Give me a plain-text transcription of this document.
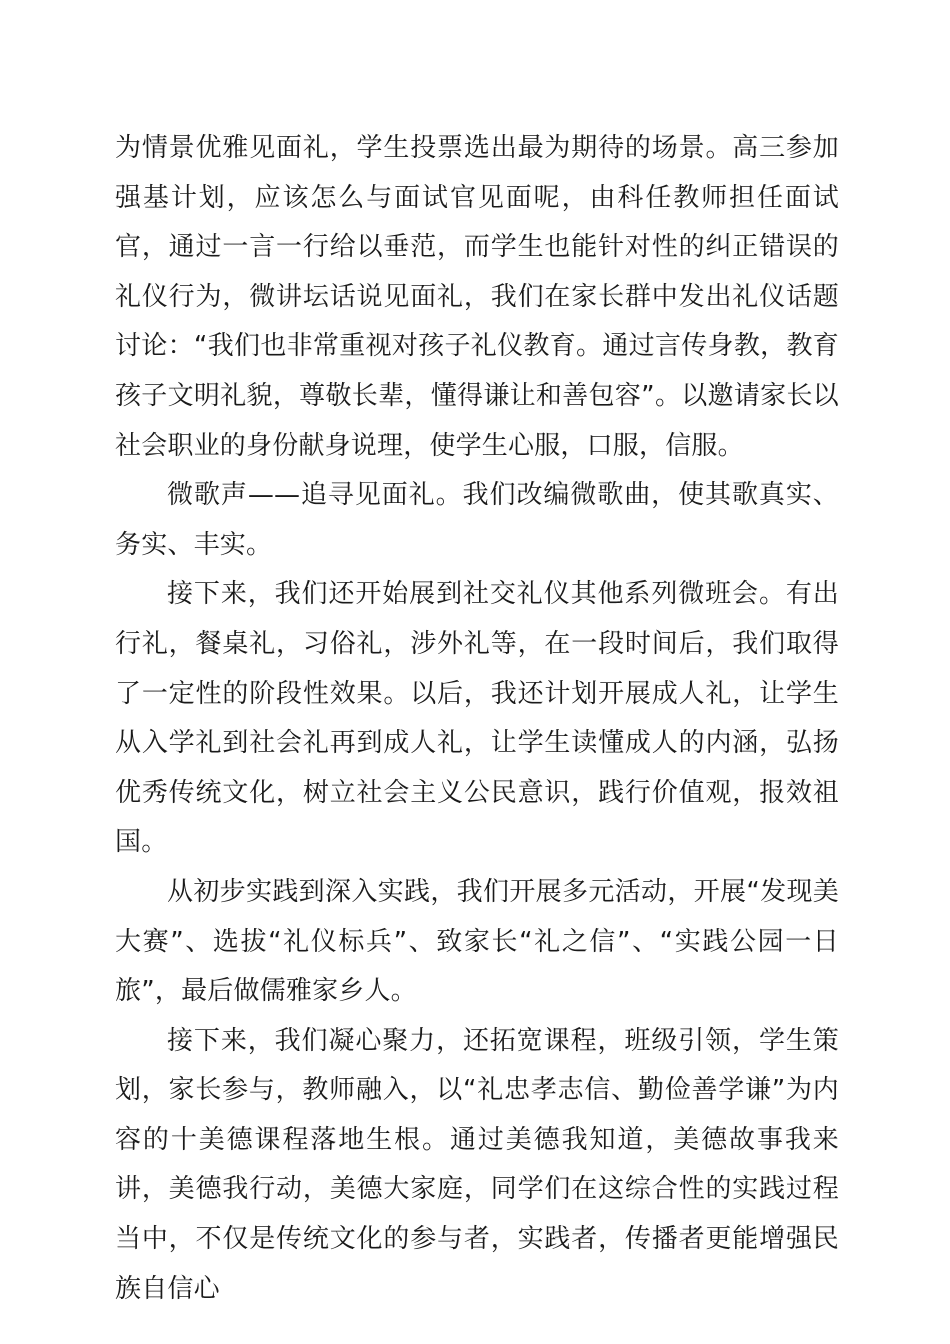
为情景优雅见面礼，学生投票选出最为期待的场景。高三参加强基计划，应该怎么与面试官见面呢，由科任教师担任面试官，通过一言一行给以垂范，而学生也能针对性的纠正错误的礼仪行为，微讲坛话说见面礼，我们在家长群中发出礼仪话题讨论：“我们也非常重视对孩子礼仪教育。通过言传身教，教育孩子文明礼貌，尊敬长辈，懂得谦让和善包容”。以邀请家长以社会职业的身份献身说理，使学生心服，口服，信服。

微歌声——追寻见面礼。我们改编微歌曲，使其歌真实、务实、丰实。

接下来，我们还开始展到社交礼仪其他系列微班会。有出行礼，餐桌礼，习俗礼，涉外礼等，在一段时间后，我们取得了一定性的阶段性效果。以后，我还计划开展成人礼，让学生从入学礼到社会礼再到成人礼，让学生读懂成人的内涵，弘扬优秀传统文化，树立社会主义公民意识，践行价值观，报效祖国。

从初步实践到深入实践，我们开展多元活动，开展“发现美大赛”、选拔“礼仪标兵”、致家长“礼之信”、“实践公园一日旅”，最后做儒雅家乡人。

接下来，我们凝心聚力，还拓宽课程，班级引领，学生策划，家长参与，教师融入，以“礼忠孝志信、勤俭善学谦”为内容的十美德课程落地生根。通过美德我知道，美德故事我来讲，美德我行动，美德大家庭，同学们在这综合性的实践过程当中，不仅是传统文化的参与者，实践者，传播者更能增强民族自信心
